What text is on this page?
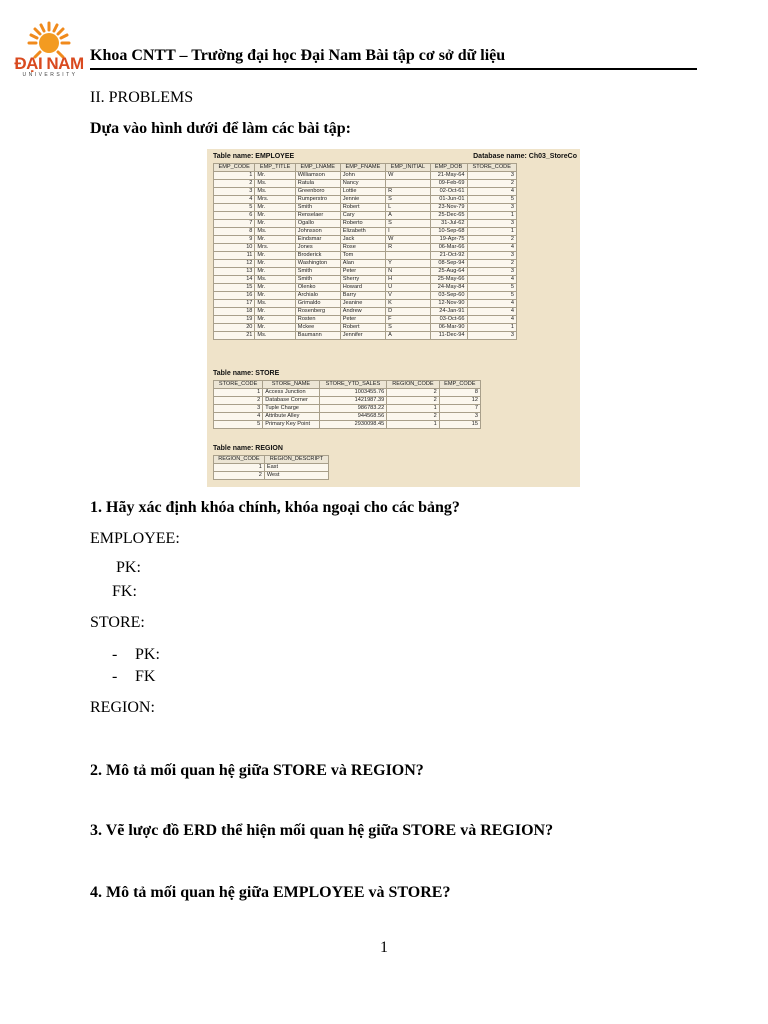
ĐẠI NAM
UNIVERSITY
Khoa CNTT – Trường đại học Đại Nam Bài tập cơ sở dữ liệu
II. PROBLEMS
Dựa vào hình dưới để làm các bài tập:
Table name: EMPLOYEE	Database name: Ch03_StoreCo
EMP_CODE	EMP_TITLE	EMP_LNAME	EMP_FNAME	EMP_INITIAL	EMP_DOB	STORE_CODE
1	Mr.	Williamson	John	W	21-May-64	3
2	Ms.	Ratula	Nancy		09-Feb-69	2
3	Ms.	Greenboro	Lottie	R	02-Oct-61	4
4	Mrs.	Rumperstro	Jennie	S	01-Jun-01	5
5	Mr.	Smith	Robert	L	23-Nov-79	3
6	Mr.	Renselaer	Cary	A	25-Dec-65	1
7	Mr.	Ogallo	Roberto	S	31-Jul-62	3
8	Ms.	Johnsson	Elizabeth	I	10-Sep-68	1
9	Mr.	Eindsmar	Jack	W	19-Apr-75	2
10	Mrs.	Jones	Rose	R	06-Mar-66	4
11	Mr.	Broderick	Tom		21-Oct-92	3
12	Mr.	Washington	Alan	Y	08-Sep-94	2
13	Mr.	Smith	Peter	N	25-Aug-64	3
14	Ms.	Smith	Sherry	H	25-May-66	4
15	Mr.	Olenko	Howard	U	24-May-84	5
16	Mr.	Archialo	Barry	V	03-Sep-60	5
17	Ms.	Grimaldo	Jeanine	K	12-Nov-90	4
18	Mr.	Rosenberg	Andrew	D	24-Jan-91	4
19	Mr.	Rosten	Peter	F	03-Oct-66	4
20	Mr.	Mckee	Robert	S	06-Mar-90	1
21	Ms.	Baumann	Jennifer	A	11-Dec-94	3
Table name: STORE
STORE_CODE	STORE_NAME	STORE_YTD_SALES	REGION_CODE	EMP_CODE
1	Access Junction	1003455.76	2	8
2	Database Corner	1421987.39	2	12
3	Tuple Charge	986783.22	1	7
4	Attribute Alley	944568.56	2	3
5	Primary Key Point	2930098.45	1	15
Table name: REGION
REGION_CODE	REGION_DESCRIPT
1	East
2	West
1. Hãy xác định khóa chính, khóa ngoại cho các bảng?
EMPLOYEE:
PK:
FK:
STORE:
- PK:
- FK
REGION:
2. Mô tả mối quan hệ giữa STORE và REGION?
3. Vẽ lược đồ ERD thể hiện mối quan hệ giữa STORE và REGION?
4. Mô tả mối quan hệ giữa EMPLOYEE và STORE?
1
